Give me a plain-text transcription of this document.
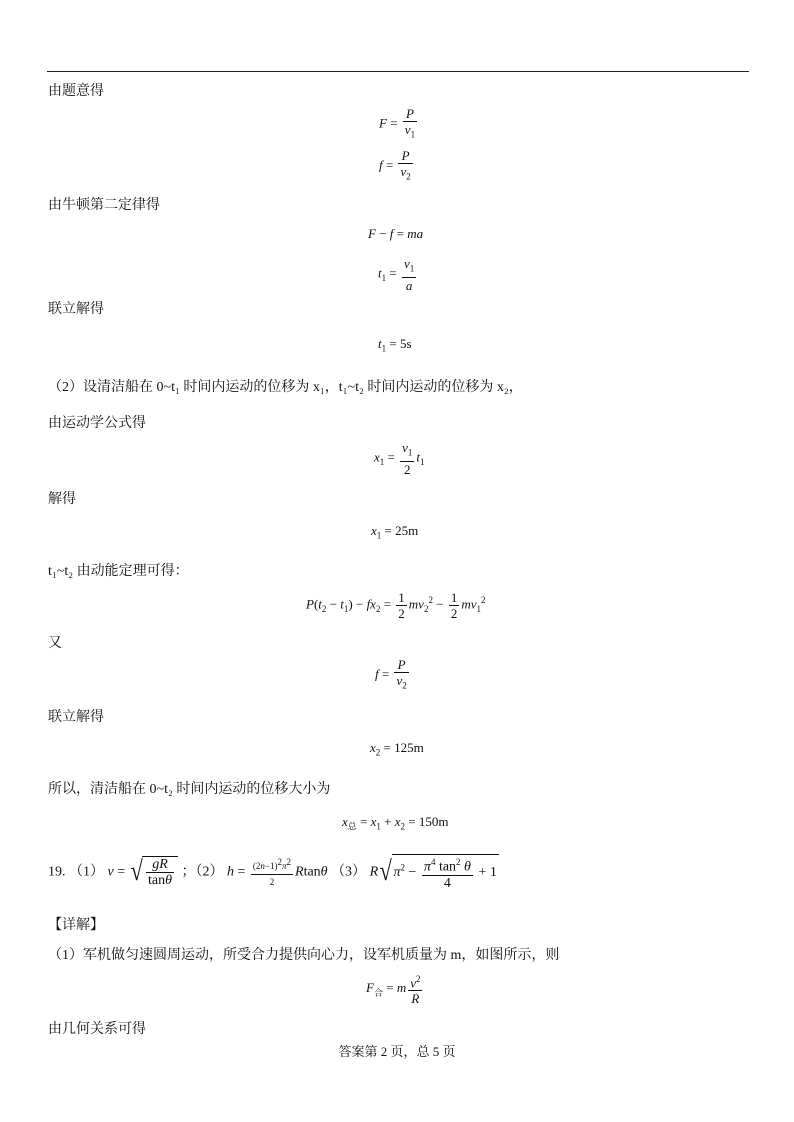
由题意得
$F = \frac{P}{v_1}$
$f = \frac{P}{v_2}$
由牛顿第二定律得
F − f = ma
$t_1 = \frac{v_1}{a}$
联立解得
$t_1 = 5s$
（2）设清洁船在 0~t₁ 时间内运动的位移为 x₁，t₁~t₂ 时间内运动的位移为 x₂，
由运动学公式得
$x_1 = \frac{v_1}{2} t_1$
解得
$x_1 = 25m$
t₁~t₂ 由动能定理可得：
$P(t_2 - t_1) - fx_2 = \frac{1}{2} mv_2^2 - \frac{1}{2} mv_1^2$
又
$f = \frac{P}{v_2}$
联立解得
$x_2 = 125m$
所以，清洁船在 0~t₂ 时间内运动的位移大小为
$x_总 = x_1 + x_2 = 150m$
19. （1） v = √ $\frac{gR}{\tan\theta}$ ；（2） $h = \frac{(2n-1)^2\pi^2}{2}$ Rtanθ （3） R√ $\pi^2 - \frac{\pi^4 \tan^2 \theta}{4} + 1$
【详解】
（1）军机做匀速圆周运动，所受合力提供向心力，设军机质量为 m，如图所示，则
$F_合 = m \frac{v^2}{R}$
由几何关系可得
答案第 2 页，总 5 页
